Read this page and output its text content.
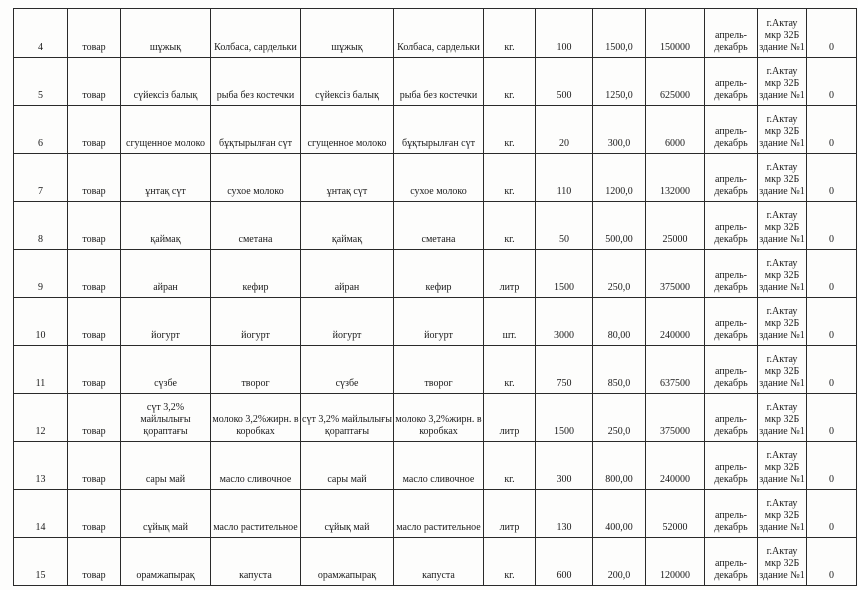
4	товар	шұжық	Колбаса, сардельки	шұжық	Колбаса, сардельки	кг.	100	1500,0	150000	апрель-декабрь	г.Актау мкр 32Б здание №1	0

5	товар	сүйексіз балық	рыба без костечки	сүйексіз балық	рыба без костечки	кг.	500	1250,0	625000	апрель-декабрь	г.Актау мкр 32Б здание №1	0

6	товар	сгущенное молоко	бұқтырылған сүт	сгущенное молоко	бұқтырылған сүт	кг.	20	300,0	6000	апрель-декабрь	г.Актау мкр 32Б здание №1	0

7	товар	ұнтақ сүт	сухое молоко	ұнтақ сүт	сухое молоко	кг.	110	1200,0	132000	апрель-декабрь	г.Актау мкр 32Б здание №1	0

8	товар	қаймақ	сметана	қаймақ	сметана	кг.	50	500,00	25000	апрель-декабрь	г.Актау мкр 32Б здание №1	0

9	товар	айран	кефир	айран	кефир	литр	1500	250,0	375000	апрель-декабрь	г.Актау мкр 32Б здание №1	0

10	товар	йогурт	йогурт	йогурт	йогурт	шт.	3000	80,00	240000	апрель-декабрь	г.Актау мкр 32Б здание №1	0

11	товар	сүзбе	творог	сүзбе	творог	кг.	750	850,0	637500	апрель-декабрь	г.Актау мкр 32Б здание №1	0

12	товар	сүт 3,2% майлылығы қораптағы	молоко 3,2%жирн. в коробках	сүт 3,2% майлылығы қораптағы	молоко 3,2%жирн. в коробках	литр	1500	250,0	375000	апрель-декабрь	г.Актау мкр 32Б здание №1	0

13	товар	сары май	масло сливочное	сары май	масло сливочное	кг.	300	800,00	240000	апрель-декабрь	г.Актау мкр 32Б здание №1	0

14	товар	сұйық май	масло растительное	сұйық май	масло растительное	литр	130	400,00	52000	апрель-декабрь	г.Актау мкр 32Б здание №1	0

15	товар	орамжапырақ	капуста	орамжапырақ	капуста	кг.	600	200,0	120000	апрель-декабрь	г.Актау мкр 32Б здание №1	0
